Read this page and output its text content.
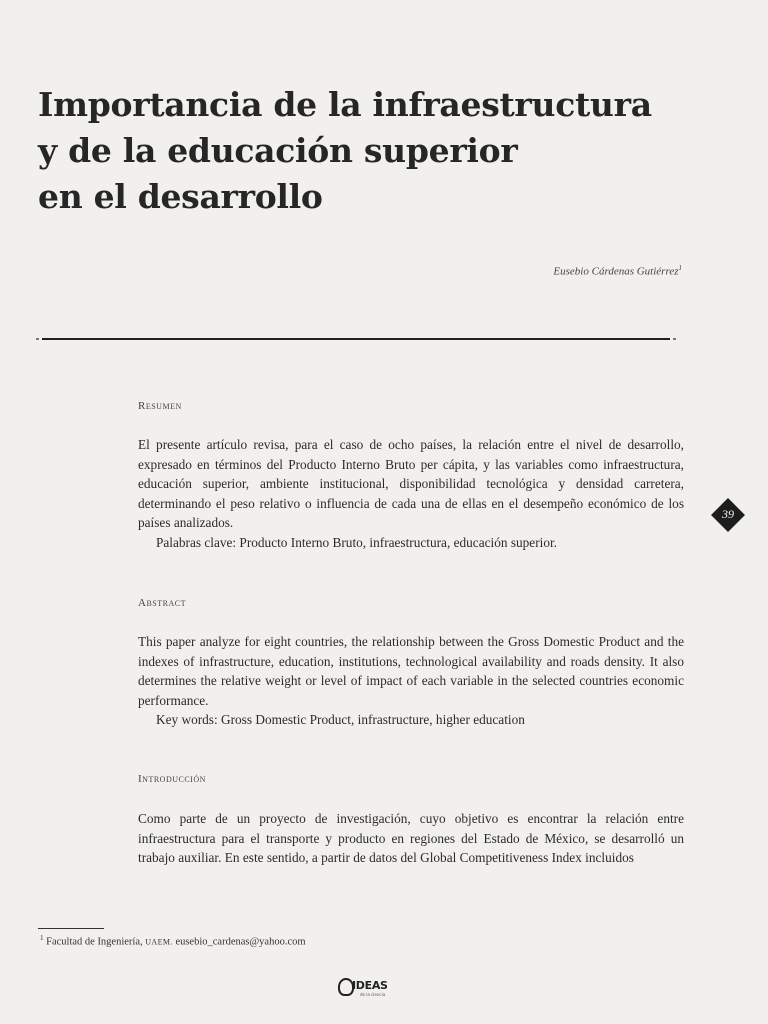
Importancia de la infraestructura
y de la educación superior
en el desarrollo
Eusebio Cárdenas Gutiérrez$^1$
Resumen

El presente artículo revisa, para el caso de ocho países, la relación entre el nivel de desarrollo, expresado en términos del Producto Interno Bruto per cápita, y las variables como infraestructura, educación superior, ambiente institucional, disponibilidad tecnológica y densidad carretera, determinando el peso relativo o influencia de cada una de ellas en el desempeño económico de los países analizados.
Palabras clave: Producto Interno Bruto, infraestructura, educación superior.

39
Abstract

This paper analyze for eight countries, the relationship between the Gross Domestic Product and the indexes of infrastructure, education, institutions, technological availability and roads density. It also determines the relative weight or level of impact of each variable in the selected countries economic performance.
Key words: Gross Domestic Product, infrastructure, higher education

Introducción

Como parte de un proyecto de investigación, cuyo objetivo es encontrar la relación entre infraestructura para el transporte y producto en regiones del Estado de México, se desarrolló un trabajo auxiliar. En este sentido, a partir de datos del Global Competitiveness Index incluidos

$^1$ Facultad de Ingeniería, UAEM. eusebio_cardenas@yahoo.com
IDEAS
de la ciencia
